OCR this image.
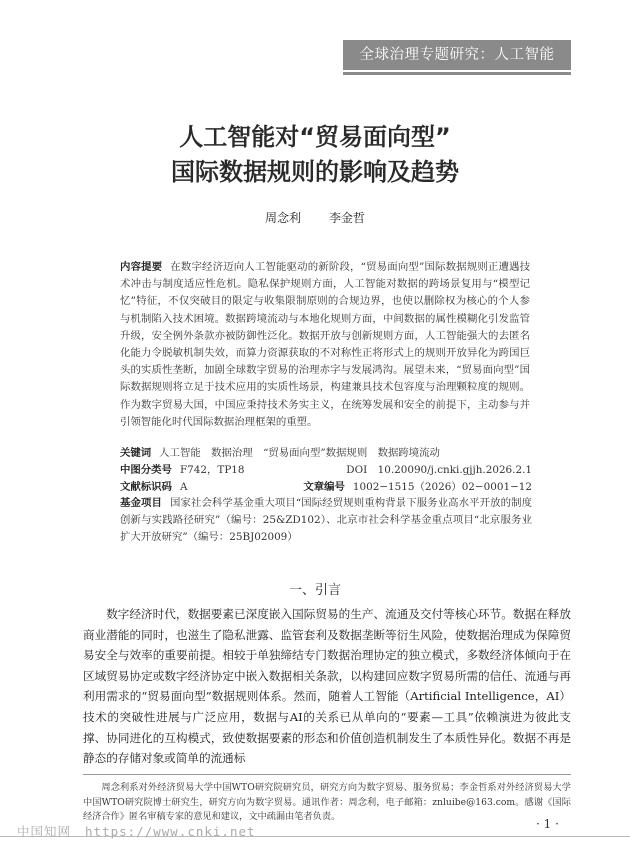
全球治理专题研究：人工智能
人工智能对“贸易面向型”
国际数据规则的影响及趋势
周念利 李金哲
内容提要 在数字经济迈向人工智能驱动的新阶段，“贸易面向型”国际数据规则正遭遇技术冲击与制度适应性危机。隐私保护规则方面，人工智能对数据的跨场景复用与“模型记忆”特征，不仅突破目的限定与收集限制原则的合规边界，也使以删除权为核心的个人参与机制陷入技术困境。数据跨境流动与本地化规则方面，中间数据的属性模糊化引发监管升级，安全例外条款亦被防御性泛化。数据开放与创新规则方面，人工智能强大的去匿名化能力令脱敏机制失效，而算力资源获取的不对称性正将形式上的规则开放异化为跨国巨头的实质性垄断，加剧全球数字贸易的治理赤字与发展鸿沟。展望未来，“贸易面向型”国际数据规则将立足于技术应用的实质性场景，构建兼具技术包容度与治理颗粒度的规则。作为数字贸易大国，中国应秉持技术务实主义，在统筹发展和安全的前提下，主动参与并引领智能化时代国际数据治理框架的重塑。
关键词 人工智能　数据治理　“贸易面向型”数据规则　数据跨境流动
中图分类号 F742，TP18	DOI　10.20090/j.cnki.gjjh.2026.2.1
文献标识码 A	文章编号 1002−1515（2026）02−0001−12
基金项目 国家社会科学基金重大项目“国际经贸规则重构背景下服务业高水平开放的制度创新与实践路径研究”（编号：25&ZD102）、北京市社会科学基金重点项目“北京服务业扩大开放研究”（编号：25BJ02009）
一、引言

数字经济时代，数据要素已深度嵌入国际贸易的生产、流通及交付等核心环节。数据在释放商业潜能的同时，也滋生了隐私泄露、监管套利及数据垄断等衍生风险，使数据治理成为保障贸易安全与效率的重要前提。相较于单独缔结专门数据治理协定的独立模式，多数经济体倾向于在区域贸易协定或数字经济协定中嵌入数据相关条款，以构建回应数字贸易所需的信任、流通与再利用需求的“贸易面向型”数据规则体系。然而，随着人工智能（Artificial Intelligence，AI）技术的突破性进展与广泛应用，数据与AI的关系已从单向的“要素—工具”依赖演进为彼此支撑、协同进化的互构模式，致使数据要素的形态和价值创造机制发生了本质性异化。数据不再是静态的存储对象或简单的流通标

周念利系对外经济贸易大学中国WTO研究院研究员，研究方向为数字贸易、服务贸易；李金哲系对外经济贸易大学中国WTO研究院博士研究生，研究方向为数字贸易。通讯作者：周念利，电子邮箱：znluibe@163.com。感谢《国际经济合作》匿名审稿专家的意见和建议，文中疏漏由笔者负责。
· 1 ·
中国知网 https://www.cnki.net
